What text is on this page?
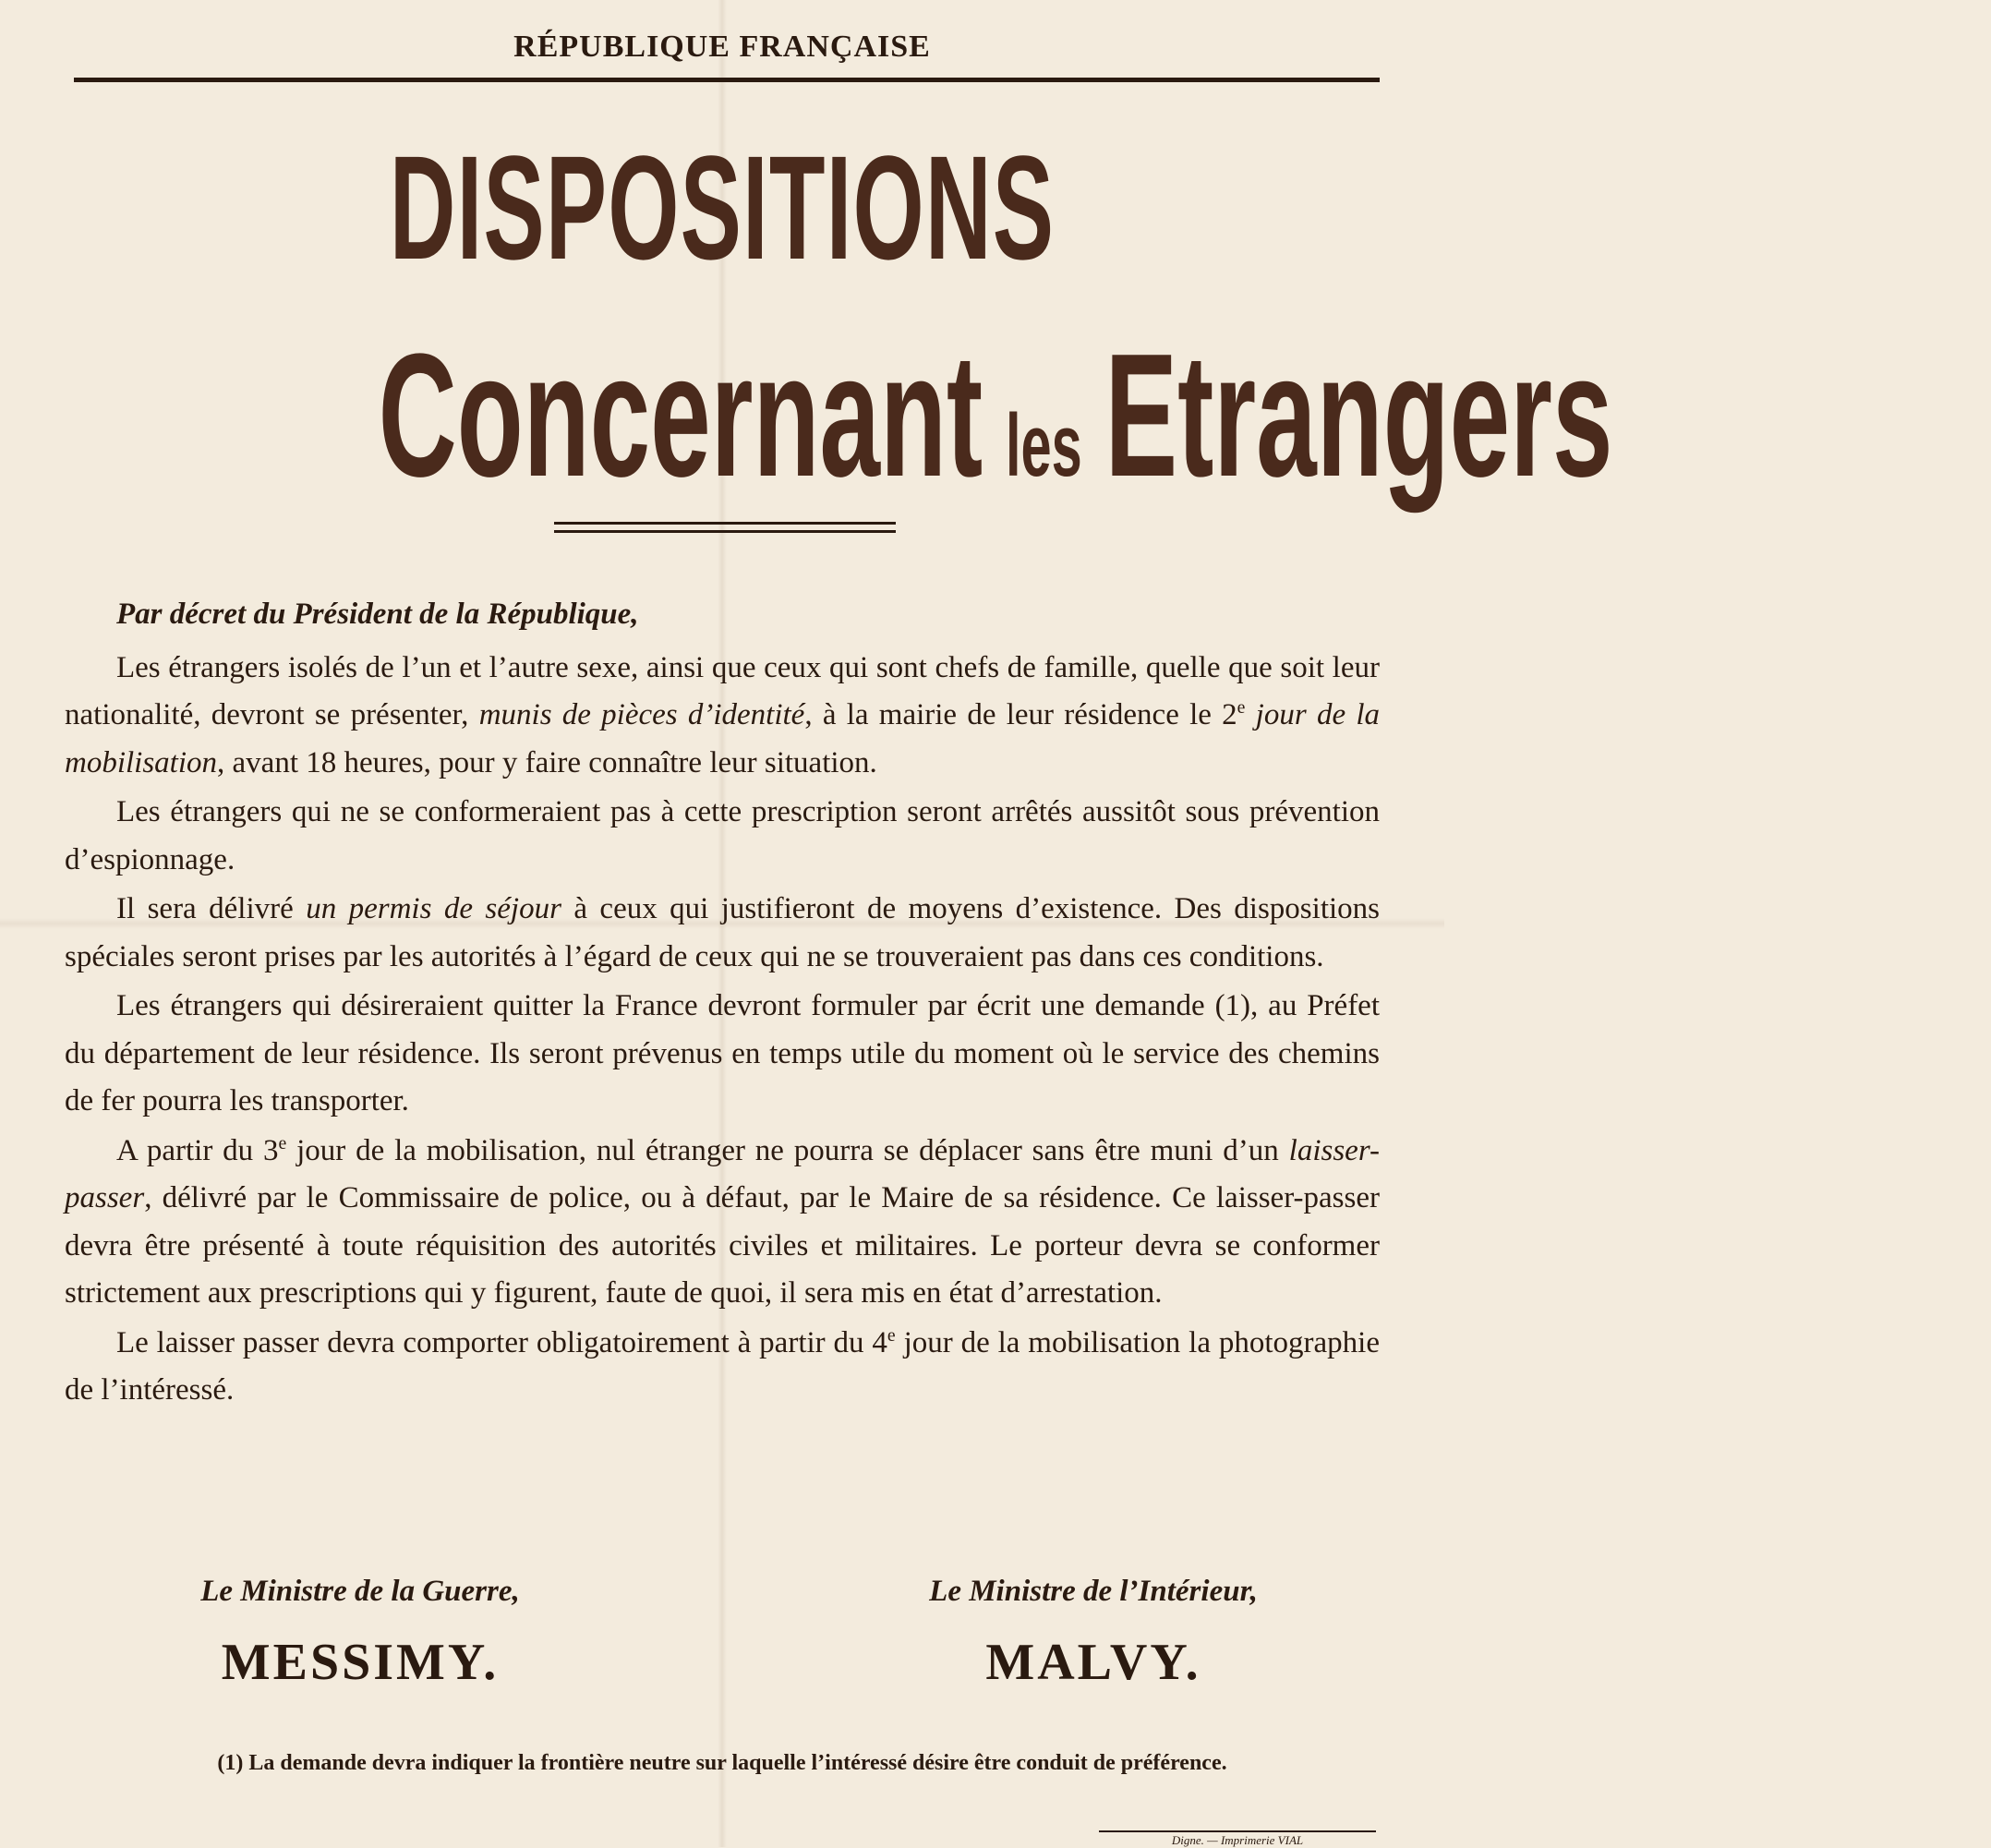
RÉPUBLIQUE FRANÇAISE
DISPOSITIONS
Concernant les Etrangers

Par décret du Président de la République,

Les étrangers isolés de l’un et l’autre sexe, ainsi que ceux qui sont chefs de famille, quelle que soit leur nationalité, devront se présenter, munis de pièces d’identité, à la mairie de leur résidence le 2e jour de la mobilisation, avant 18 heures, pour y faire connaître leur situation.

Les étrangers qui ne se conformeraient pas à cette prescription seront arrêtés aussitôt sous prévention d’espionnage.

Il sera délivré un permis de séjour à ceux qui justifieront de moyens d’existence. Des dispositions spéciales seront prises par les autorités à l’égard de ceux qui ne se trouveraient pas dans ces conditions.

Les étrangers qui désireraient quitter la France devront formuler par écrit une demande (1), au Préfet du département de leur résidence. Ils seront prévenus en temps utile du moment où le service des chemins de fer pourra les transporter.

A partir du 3e jour de la mobilisation, nul étranger ne pourra se déplacer sans être muni d’un laisser-passer, délivré par le Commissaire de police, ou à défaut, par le Maire de sa résidence. Ce laisser-passer devra être présenté à toute réquisition des autorités civiles et militaires. Le porteur devra se conformer strictement aux prescriptions qui y figurent, faute de quoi, il sera mis en état d’arrestation.

Le laisser passer devra comporter obligatoirement à partir du 4e jour de la mobilisation la photographie de l’intéressé.

Le Ministre de la Guerre,
MESSIMY.
Le Ministre de l’Intérieur,
MALVY.
(1) La demande devra indiquer la frontière neutre sur laquelle l’intéressé désire être conduit de préférence.
Digne. — Imprimerie VIAL
